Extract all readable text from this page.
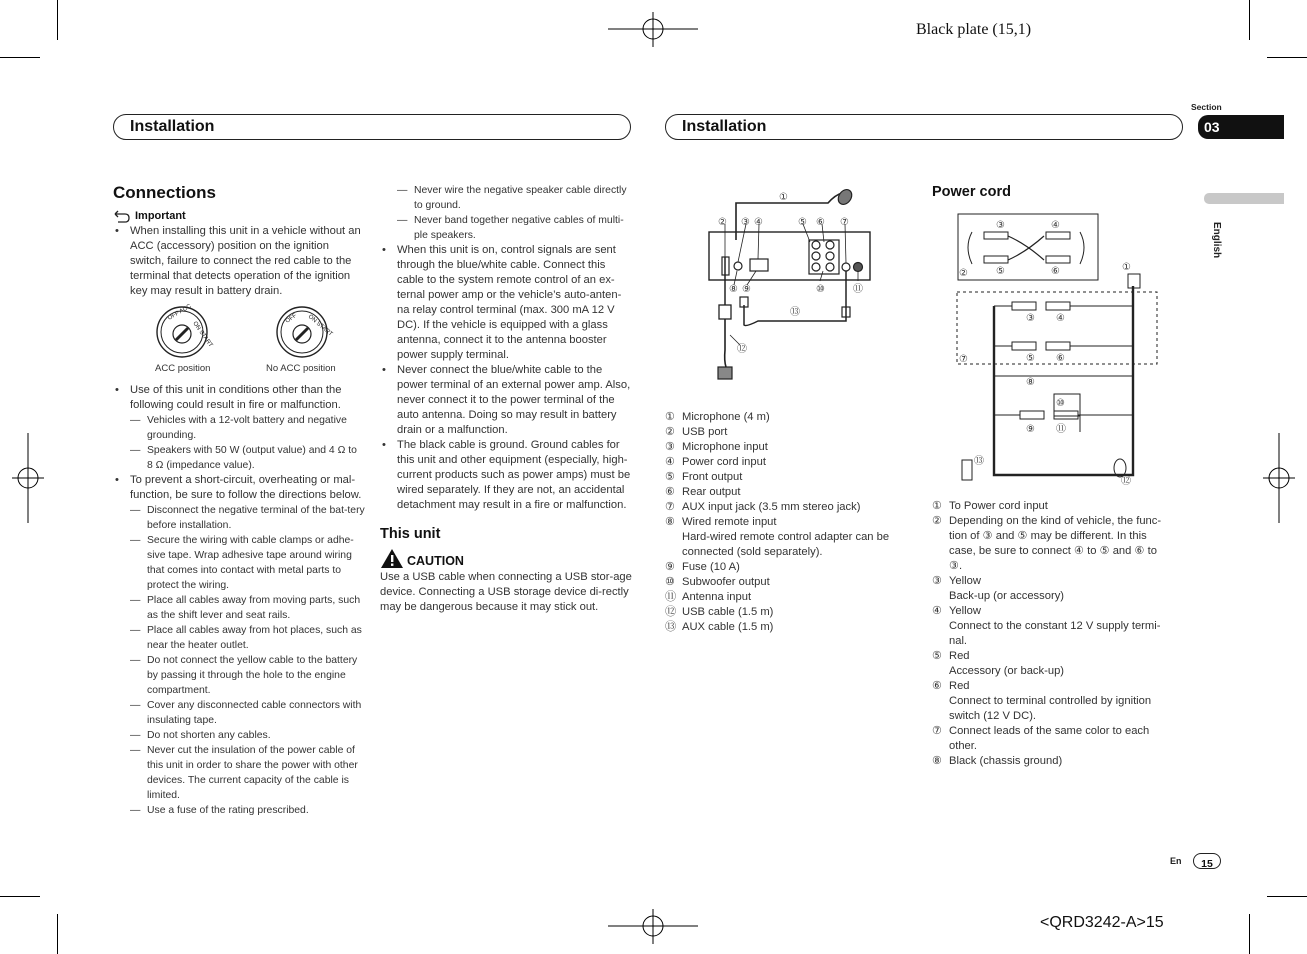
Black plate (15,1)
Installation	Installation
Section
03
English

Connections

Important

• When installing this unit in a vehicle without an ACC (accessory) position on the ignition switch, failure to connect the red cable to the terminal that detects operation of the ignition key may result in battery drain.

OFF ACC
ON START
OFF ON START
ACC position	No ACC position

• Use of this unit in conditions other than the following could result in fire or malfunction.

— Vehicles with a 12-volt battery and negative grounding.

— Speakers with 50 W (output value) and 4 Ω to 8 Ω (impedance value).

• To prevent a short-circuit, overheating or mal-function, be sure to follow the directions below.

— Disconnect the negative terminal of the bat-tery before installation.

— Secure the wiring with cable clamps or adhe-sive tape. Wrap adhesive tape around wiring that comes into contact with metal parts to protect the wiring.

— Place all cables away from moving parts, such as the shift lever and seat rails.

— Place all cables away from hot places, such as near the heater outlet.

— Do not connect the yellow cable to the battery by passing it through the hole to the engine compartment.

— Cover any disconnected cable connectors with insulating tape.

— Do not shorten any cables.

— Never cut the insulation of the power cable of this unit in order to share the power with other devices. The current capacity of the cable is limited.

— Use a fuse of the rating prescribed.

— Never wire the negative speaker cable directly to ground.

— Never band together negative cables of multi-ple speakers.

• When this unit is on, control signals are sent through the blue/white cable. Connect this cable to the system remote control of an ex-ternal power amp or the vehicle’s auto-anten-na relay control terminal (max. 300 mA 12 V DC). If the vehicle is equipped with a glass antenna, connect it to the antenna booster power supply terminal.

• Never connect the blue/white cable to the power terminal of an external power amp. Also, never connect it to the power terminal of the auto antenna. Doing so may result in battery drain or a malfunction.

• The black cable is ground. Ground cables for this unit and other equipment (especially, high-current products such as power amps) must be wired separately. If they are not, an accidental detachment may result in a fire or malfunction.

This unit

CAUTION

Use a USB cable when connecting a USB stor-age device. Connecting a USB storage device di-rectly may be dangerous because it may stick out.

①
② ③ ④	⑤ ⑥ ⑦
⑧ ⑨	⑩	⑪
⑬
⑫
① Microphone (4 m)
② USB port
③ Microphone input
④ Power cord input
⑤ Front output
⑥ Rear output
⑦ AUX input jack (3.5 mm stereo jack)
⑧ Wired remote input
Hard-wired remote control adapter can be connected (sold separately).
⑨ Fuse (10 A)
⑩ Subwoofer output
⑪ Antenna input
⑫ USB cable (1.5 m)
⑬ AUX cable (1.5 m)

Power cord

③	④
②	⑤	⑥	①
③ ④
⑤ ⑥
⑦
⑧
⑩
⑨ ⑪
⑬
⑫
① To Power cord input
② Depending on the kind of vehicle, the func-tion of ③ and ⑤ may be different. In this case, be sure to connect ④ to ⑤ and ⑥ to ③.
③ Yellow
Back-up (or accessory)
④ Yellow
Connect to the constant 12 V supply termi-nal.
⑤ Red
Accessory (or back-up)
⑥ Red
Connect to terminal controlled by ignition switch (12 V DC).
⑦ Connect leads of the same color to each other.
⑧ Black (chassis ground)
En	15
<QRD3242-A>15
